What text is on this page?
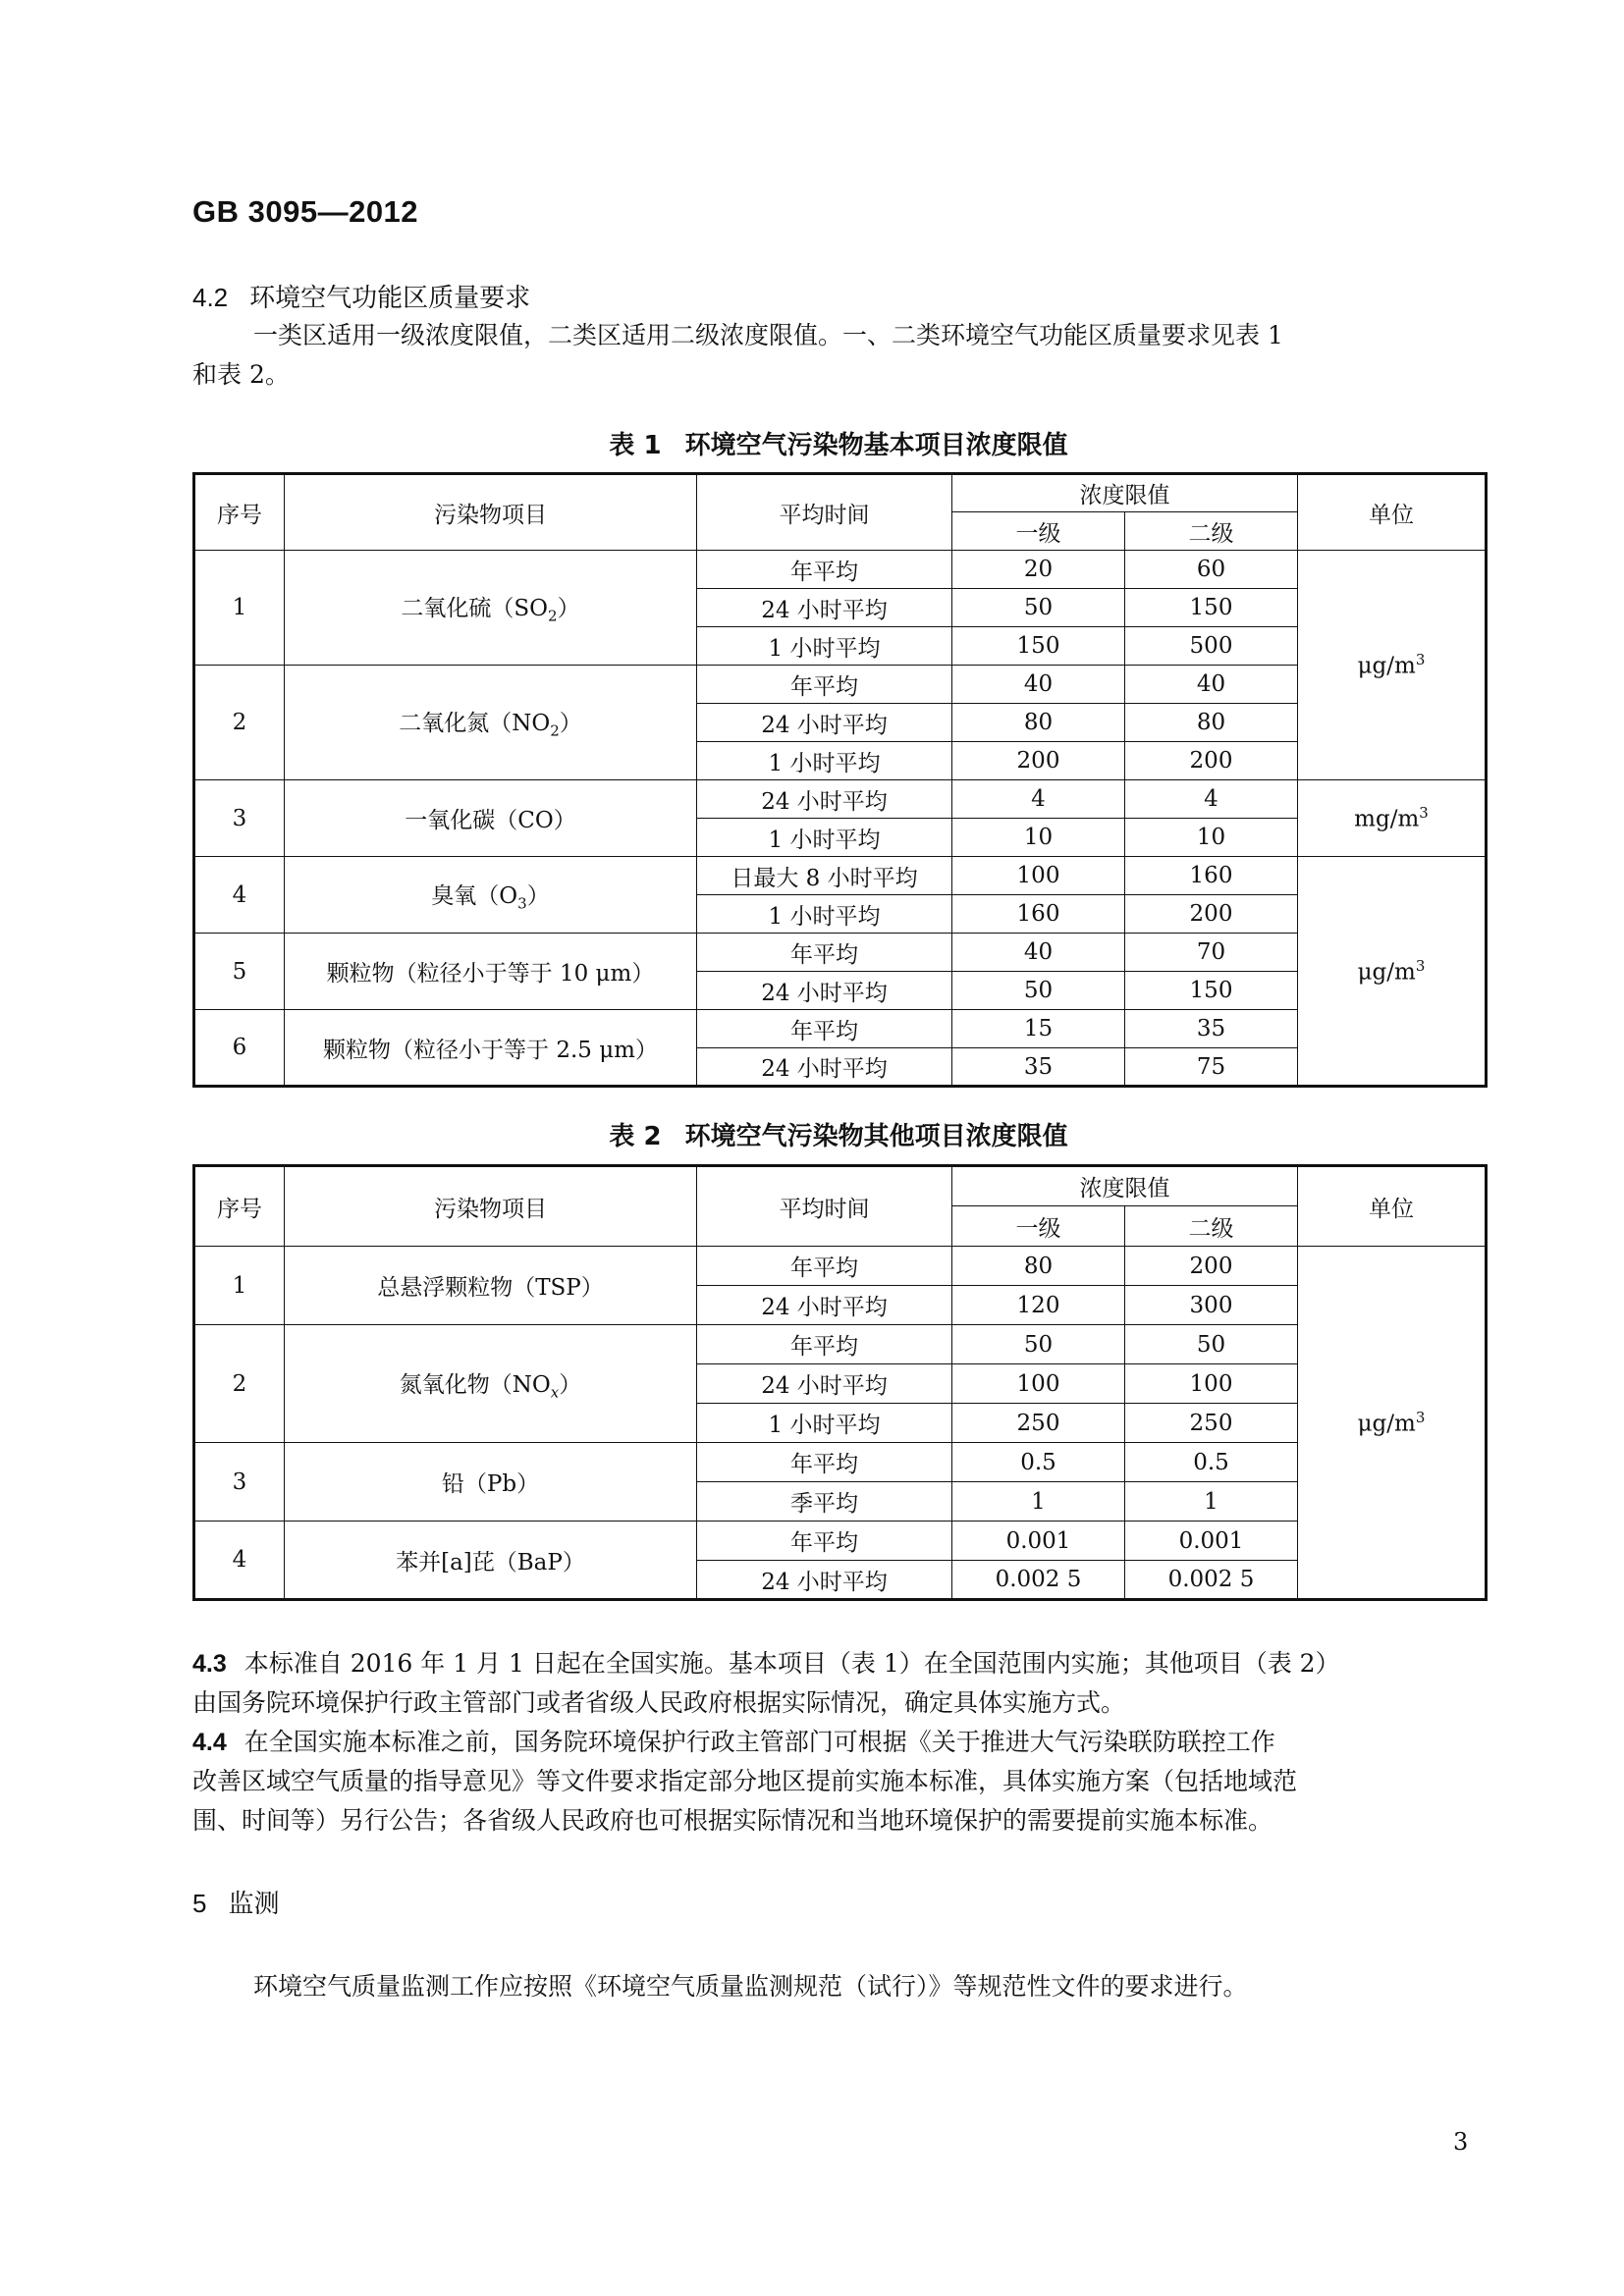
GB 3095—2012
4.2 环境空气功能区质量要求
一类区适用一级浓度限值，二类区适用二级浓度限值。一、二类环境空气功能区质量要求见表 1
和表 2。
表 1 环境空气污染物基本项目浓度限值
序号	污染物项目	平均时间	浓度限值		单位
			一级	二级	
1	二氧化硫$(SO_2)$	年平均	20	60	$\mu g/m^3$
		24 小时平均	50	150	
		1 小时平均	150	500	
2	二氧化氮$(NO_2)$	年平均	40	40	
		24 小时平均	80	80	
		1 小时平均	200	200	
3	一氧化碳（CO）	24 小时平均	4	4	$mg/m^3$
		1 小时平均	10	10	
4	臭氧$(O_3)$	日最大 8 小时平均	100	160	$\mu g/m^3$
		1 小时平均	160	200	
5	颗粒物（粒径小于等于 10 μm）	年平均	40	70	
		24 小时平均	50	150	
6	颗粒物（粒径小于等于 2.5 μm）	年平均	15	35	
		24 小时平均	35	75	
表 2 环境空气污染物其他项目浓度限值
序号	污染物项目	平均时间	浓度限值		单位
			一级	二级	
1	总悬浮颗粒物（TSP）	年平均	80	200	$\mu g/m^3$
		24 小时平均	120	300	
2	氮氧化物$(NO_x)$	年平均	50	50	
		24 小时平均	100	100	
		1 小时平均	250	250	
3	铅（Pb）	年平均	0.5	0.5	
		季平均	1	1	
4	苯并[a]芘（BaP）	年平均	0.001	0.001	
		24 小时平均	0.002 5	0.002 5	
4.3 本标准自 2016 年 1 月 1 日起在全国实施。基本项目（表 1）在全国范围内实施；其他项目（表 2）
由国务院环境保护行政主管部门或者省级人民政府根据实际情况，确定具体实施方式。
4.4 在全国实施本标准之前，国务院环境保护行政主管部门可根据《关于推进大气污染联防联控工作
改善区域空气质量的指导意见》等文件要求指定部分地区提前实施本标准，具体实施方案（包括地域范
围、时间等）另行公告；各省级人民政府也可根据实际情况和当地环境保护的需要提前实施本标准。
5 监测
环境空气质量监测工作应按照《环境空气质量监测规范（试行）》等规范性文件的要求进行。
3
